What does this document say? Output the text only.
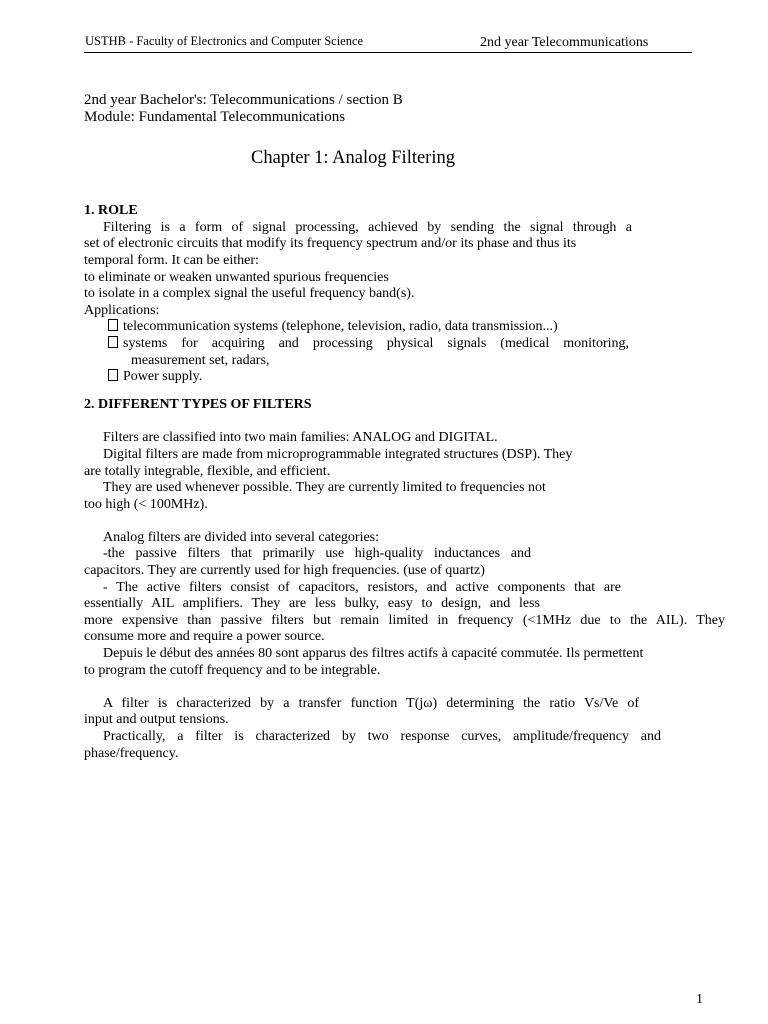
USTHB - Faculty of Electronics and Computer Science	2nd year Telecommunications
Chapter 1: Analog Filtering
2nd year Bachelor's: Telecommunications / section B
Module: Fundamental Telecommunications
1. ROLE
Filtering is a form of signal processing, achieved by sending the signal through a
set of electronic circuits that modify its frequency spectrum and/or its phase and thus its
temporal form. It can be either:
to eliminate or weaken unwanted spurious frequencies
to isolate in a complex signal the useful frequency band(s).
Applications:
telecommunication systems (telephone, television, radio, data transmission...)
systems for acquiring and processing physical signals (medical monitoring,
measurement set, radars,
Power supply.
2. DIFFERENT TYPES OF FILTERS
Filters are classified into two main families: ANALOG and DIGITAL.
Digital filters are made from microprogrammable integrated structures (DSP). They
are totally integrable, flexible, and efficient.
They are used whenever possible. They are currently limited to frequencies not
too high (< 100MHz).
Analog filters are divided into several categories:
-the passive filters that primarily use high-quality inductances and
capacitors. They are currently used for high frequencies. (use of quartz)
- The active filters consist of capacitors, resistors, and active components that are
essentially AIL amplifiers. They are less bulky, easy to design, and less
more expensive than passive filters but remain limited in frequency (<1MHz due to the AIL). They
consume more and require a power source.
Depuis le début des années 80 sont apparus des filtres actifs à capacité commutée. Ils permettent
to program the cutoff frequency and to be integrable.
A filter is characterized by a transfer function T(jω) determining the ratio Vs/Ve of
input and output tensions.
Practically, a filter is characterized by two response curves, amplitude/frequency and
phase/frequency.
1
